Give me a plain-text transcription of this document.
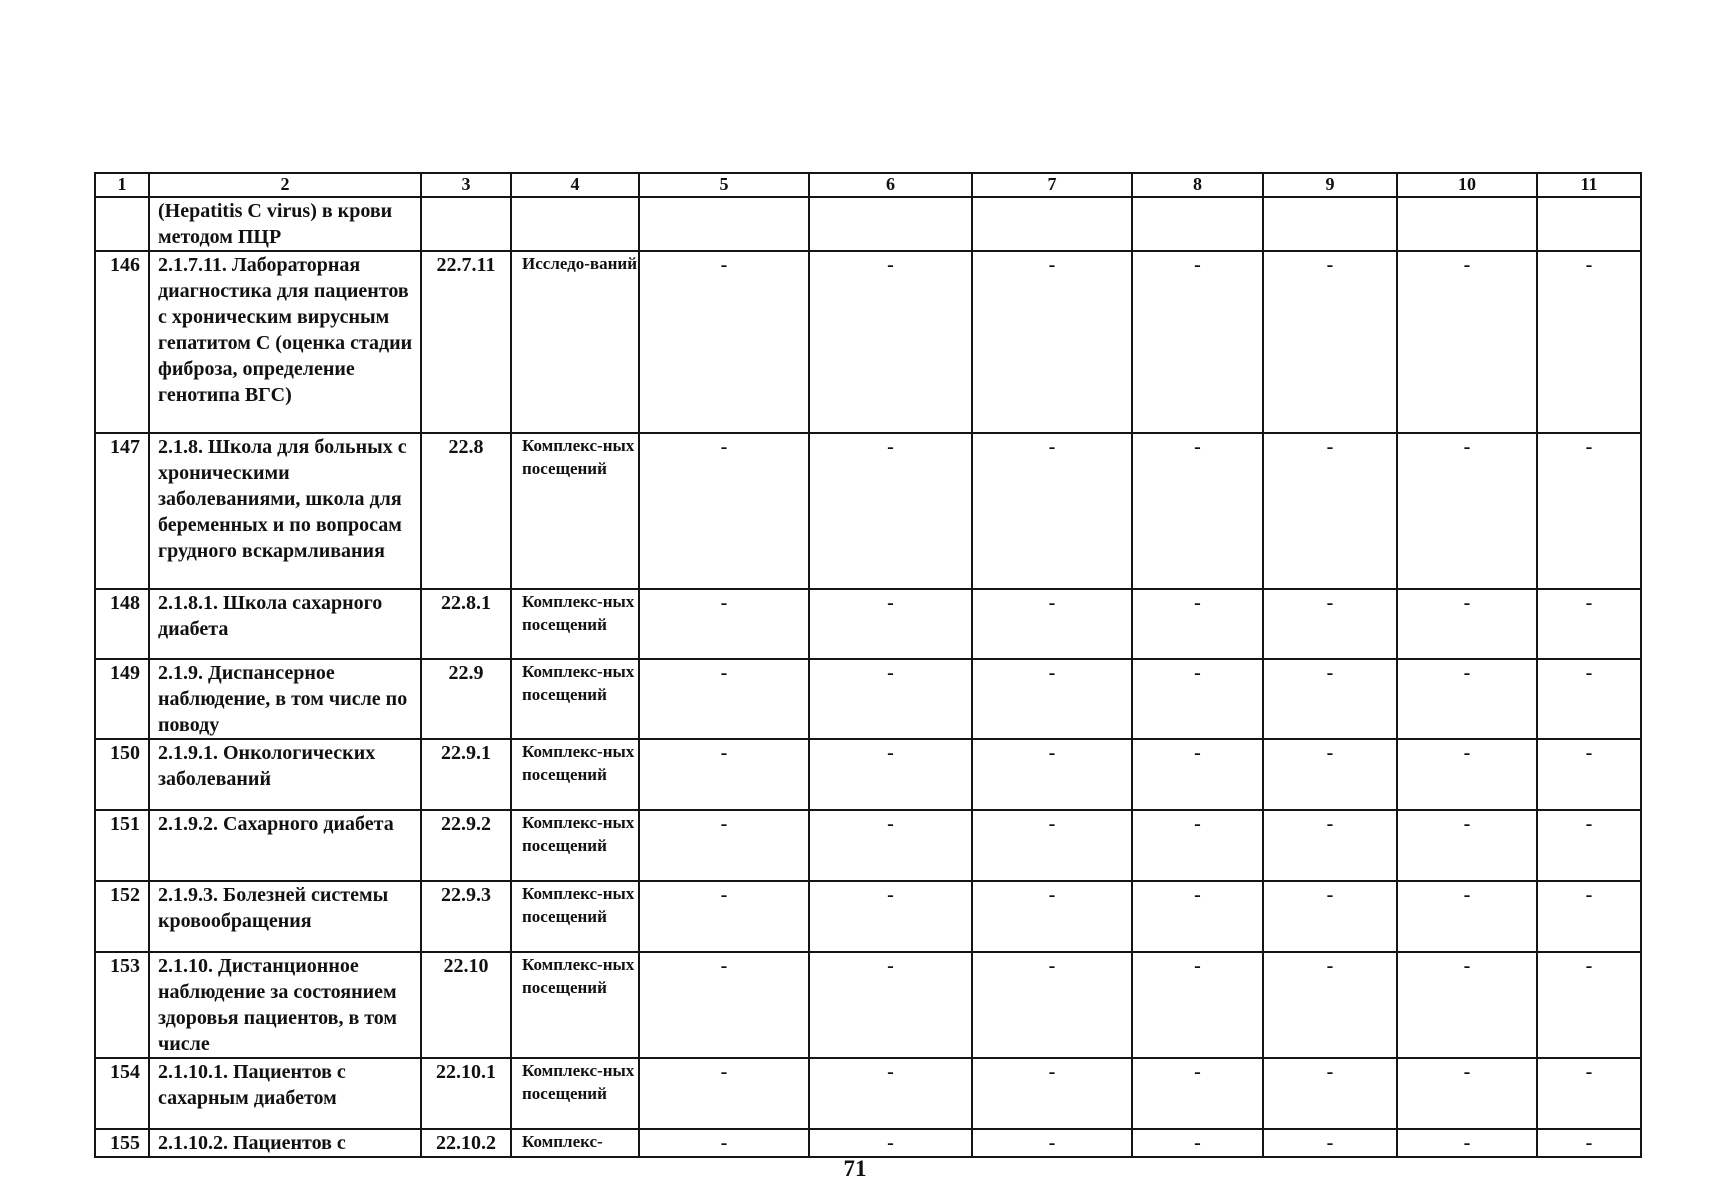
1	2	3	4	5	6	7	8	9	10	11
	(Hepatitis C virus) в крови методом ПЦР									
146	2.1.7.11. Лабораторная диагностика для пациентов с хроническим вирусным гепатитом С (оценка стадии фиброза, определение генотипа ВГС)	22.7.11	Исследо-ваний	-	-	-	-	-	-	-
147	2.1.8. Школа для больных с хроническими заболеваниями, школа для беременных и по вопросам грудного вскармливания	22.8	Комплекс-ных посещений	-	-	-	-	-	-	-
148	2.1.8.1. Школа сахарного диабета	22.8.1	Комплекс-ных посещений	-	-	-	-	-	-	-
149	2.1.9. Диспансерное наблюдение, в том числе по поводу	22.9	Комплекс-ных посещений	-	-	-	-	-	-	-
150	2.1.9.1. Онкологических заболеваний	22.9.1	Комплекс-ных посещений	-	-	-	-	-	-	-
151	2.1.9.2. Сахарного диабета	22.9.2	Комплекс-ных посещений	-	-	-	-	-	-	-
152	2.1.9.3. Болезней системы кровообращения	22.9.3	Комплекс-ных посещений	-	-	-	-	-	-	-
153	2.1.10. Дистанционное наблюдение за состоянием здоровья пациентов, в том числе	22.10	Комплекс-ных посещений	-	-	-	-	-	-	-
154	2.1.10.1. Пациентов с сахарным диабетом	22.10.1	Комплекс-ных посещений	-	-	-	-	-	-	-
155	2.1.10.2. Пациентов с	22.10.2	Комплекс-	-	-	-	-	-	-	-
71
